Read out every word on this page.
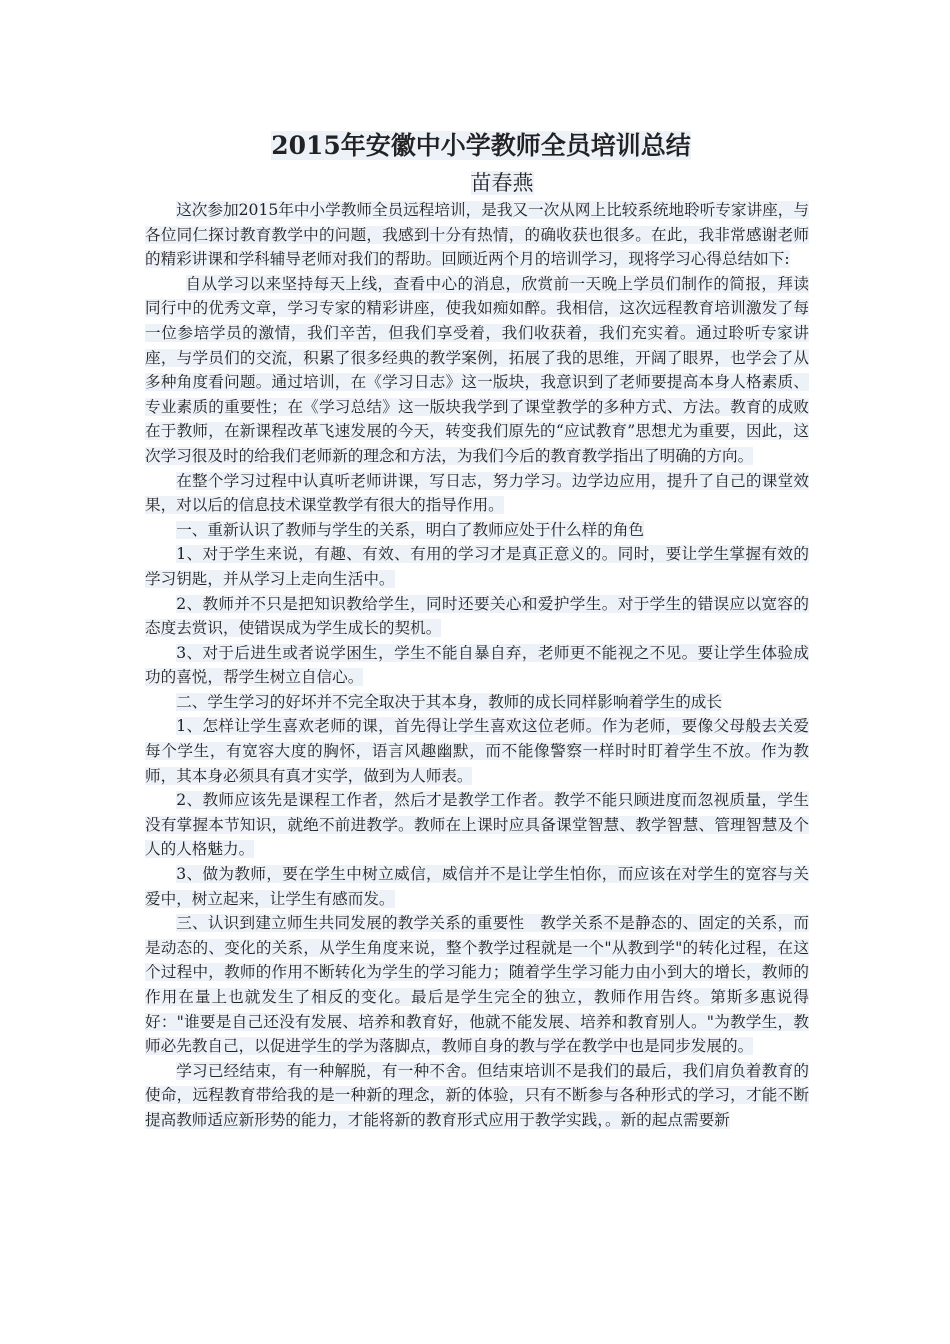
2015年安徽中小学教师全员培训总结
苗春燕

这次参加2015年中小学教师全员远程培训，是我又一次从网上比较系统地聆听专家讲座，与各位同仁探讨教育教学中的问题，我感到十分有热情，的确收获也很多。在此，我非常感谢老师的精彩讲课和学科辅导老师对我们的帮助。回顾近两个月的培训学习，现将学习心得总结如下:

自从学习以来坚持每天上线，查看中心的消息，欣赏前一天晚上学员们制作的简报，拜读同行中的优秀文章，学习专家的精彩讲座，使我如痴如醉。我相信，这次远程教育培训激发了每一位参培学员的激情，我们辛苦，但我们享受着，我们收获着，我们充实着。通过聆听专家讲座，与学员们的交流，积累了很多经典的教学案例，拓展了我的思维，开阔了眼界，也学会了从多种角度看问题。通过培训，在《学习日志》这一版块，我意识到了老师要提高本身人格素质、专业素质的重要性；在《学习总结》这一版块我学到了课堂教学的多种方式、方法。教育的成败在于教师，在新课程改革飞速发展的今天，转变我们原先的“应试教育”思想尤为重要，因此，这次学习很及时的给我们老师新的理念和方法，为我们今后的教育教学指出了明确的方向。

在整个学习过程中认真听老师讲课，写日志，努力学习。边学边应用，提升了自己的课堂效果，对以后的信息技术课堂教学有很大的指导作用。

一、重新认识了教师与学生的关系，明白了教师应处于什么样的角色

1、对于学生来说，有趣、有效、有用的学习才是真正意义的。同时，要让学生掌握有效的学习钥匙，并从学习上走向生活中。

2、教师并不只是把知识教给学生，同时还要关心和爱护学生。对于学生的错误应以宽容的态度去赏识，使错误成为学生成长的契机。

3、对于后进生或者说学困生，学生不能自暴自弃，老师更不能视之不见。要让学生体验成功的喜悦，帮学生树立自信心。

二、学生学习的好坏并不完全取决于其本身，教师的成长同样影响着学生的成长

1、怎样让学生喜欢老师的课，首先得让学生喜欢这位老师。作为老师，要像父母般去关爱每个学生，有宽容大度的胸怀，语言风趣幽默，而不能像警察一样时时盯着学生不放。作为教师，其本身必须具有真才实学，做到为人师表。

2、教师应该先是课程工作者，然后才是教学工作者。教学不能只顾进度而忽视质量，学生没有掌握本节知识，就绝不前进教学。教师在上课时应具备课堂智慧、教学智慧、管理智慧及个人的人格魅力。

3、做为教师，要在学生中树立威信，威信并不是让学生怕你，而应该在对学生的宽容与关爱中，树立起来，让学生有感而发。

三、认识到建立师生共同发展的教学关系的重要性　教学关系不是静态的、固定的关系，而是动态的、变化的关系，从学生角度来说，整个教学过程就是一个"从教到学"的转化过程，在这个过程中，教师的作用不断转化为学生的学习能力；随着学生学习能力由小到大的增长，教师的作用在量上也就发生了相反的变化。最后是学生完全的独立，教师作用告终。第斯多惠说得好："谁要是自己还没有发展、培养和教育好，他就不能发展、培养和教育别人。"为教学生，教师必先教自己，以促进学生的学为落脚点，教师自身的教与学在教学中也是同步发展的。

学习已经结束，有一种解脱，有一种不舍。但结束培训不是我们的最后，我们肩负着教育的使命，远程教育带给我的是一种新的理念，新的体验，只有不断参与各种形式的学习，才能不断提高教师适应新形势的能力，才能将新的教育形式应用于教学实践，。新的起点需要新
